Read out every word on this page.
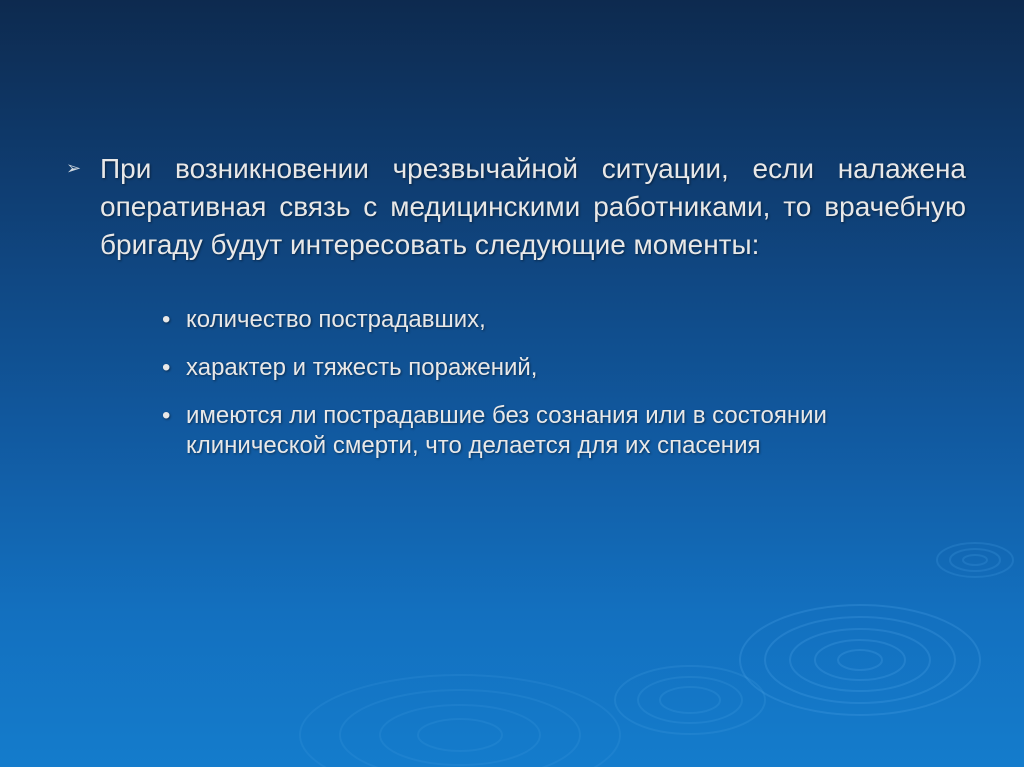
➢ При возникновении чрезвычайной ситуации, если налажена оперативная связь с медицинскими работниками, то врачебную бригаду будут интересовать следующие моменты:
• количество пострадавших,
• характер и тяжесть поражений,
• имеются ли пострадавшие без сознания или в состоянии клинической смерти, что делается для их спасения
